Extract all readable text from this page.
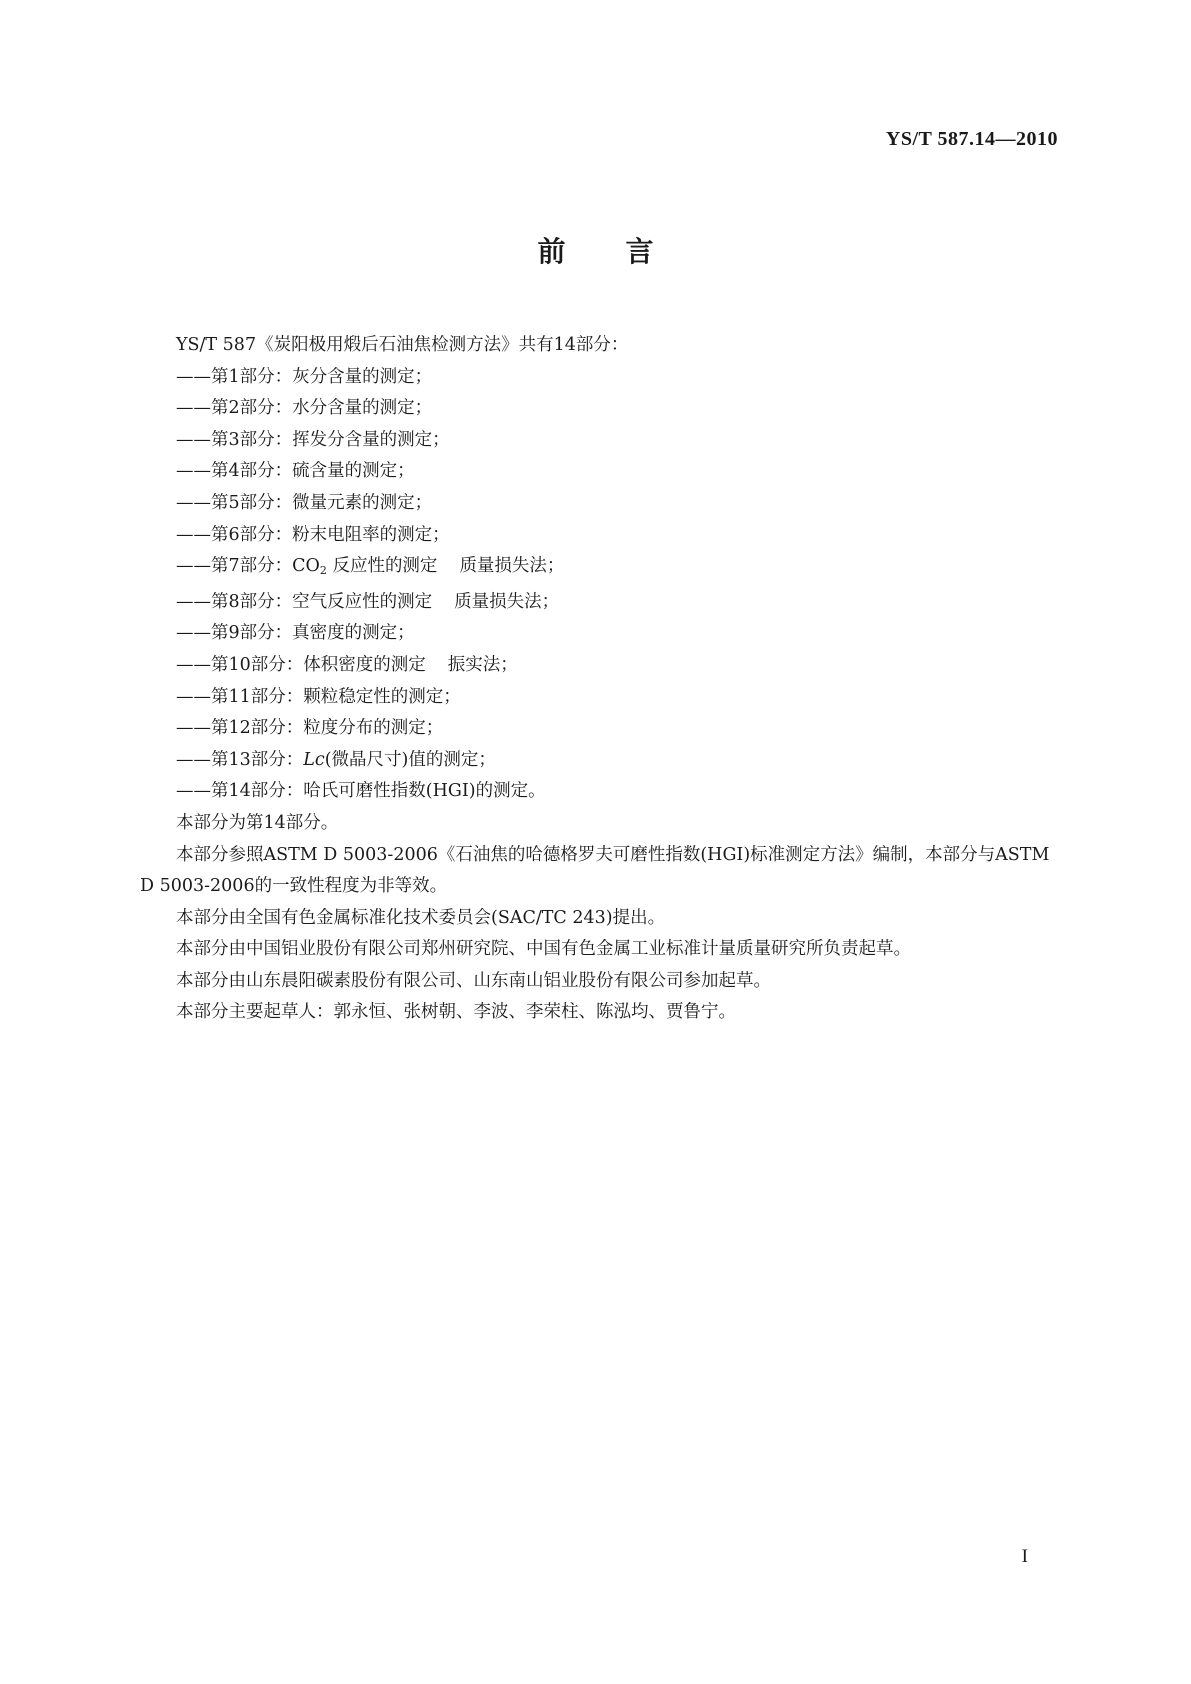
YS/T 587.14—2010
前言

YS/T 587《炭阳极用煅后石油焦检测方法》共有14部分：

——第1部分：灰分含量的测定；

——第2部分：水分含量的测定；

——第3部分：挥发分含量的测定；

——第4部分：硫含量的测定；

——第5部分：微量元素的测定；

——第6部分：粉末电阻率的测定；

——第7部分：$CO_2$ 反应性的测定 质量损失法；

——第8部分：空气反应性的测定 质量损失法；

——第9部分：真密度的测定；

——第10部分：体积密度的测定 振实法；

——第11部分：颗粒稳定性的测定；

——第12部分：粒度分布的测定；

——第13部分：Lc(微晶尺寸)值的测定；

——第14部分：哈氏可磨性指数(HGI)的测定。

本部分为第14部分。

本部分参照ASTM D 5003-2006《石油焦的哈德格罗夫可磨性指数(HGI)标准测定方法》编制，本部分与ASTM D 5003-2006的一致性程度为非等效。

本部分由全国有色金属标准化技术委员会(SAC/TC 243)提出。

本部分由中国铝业股份有限公司郑州研究院、中国有色金属工业标准计量质量研究所负责起草。

本部分由山东晨阳碳素股份有限公司、山东南山铝业股份有限公司参加起草。

本部分主要起草人：郭永恒、张树朝、李波、李荣柱、陈泓均、贾鲁宁。

I
